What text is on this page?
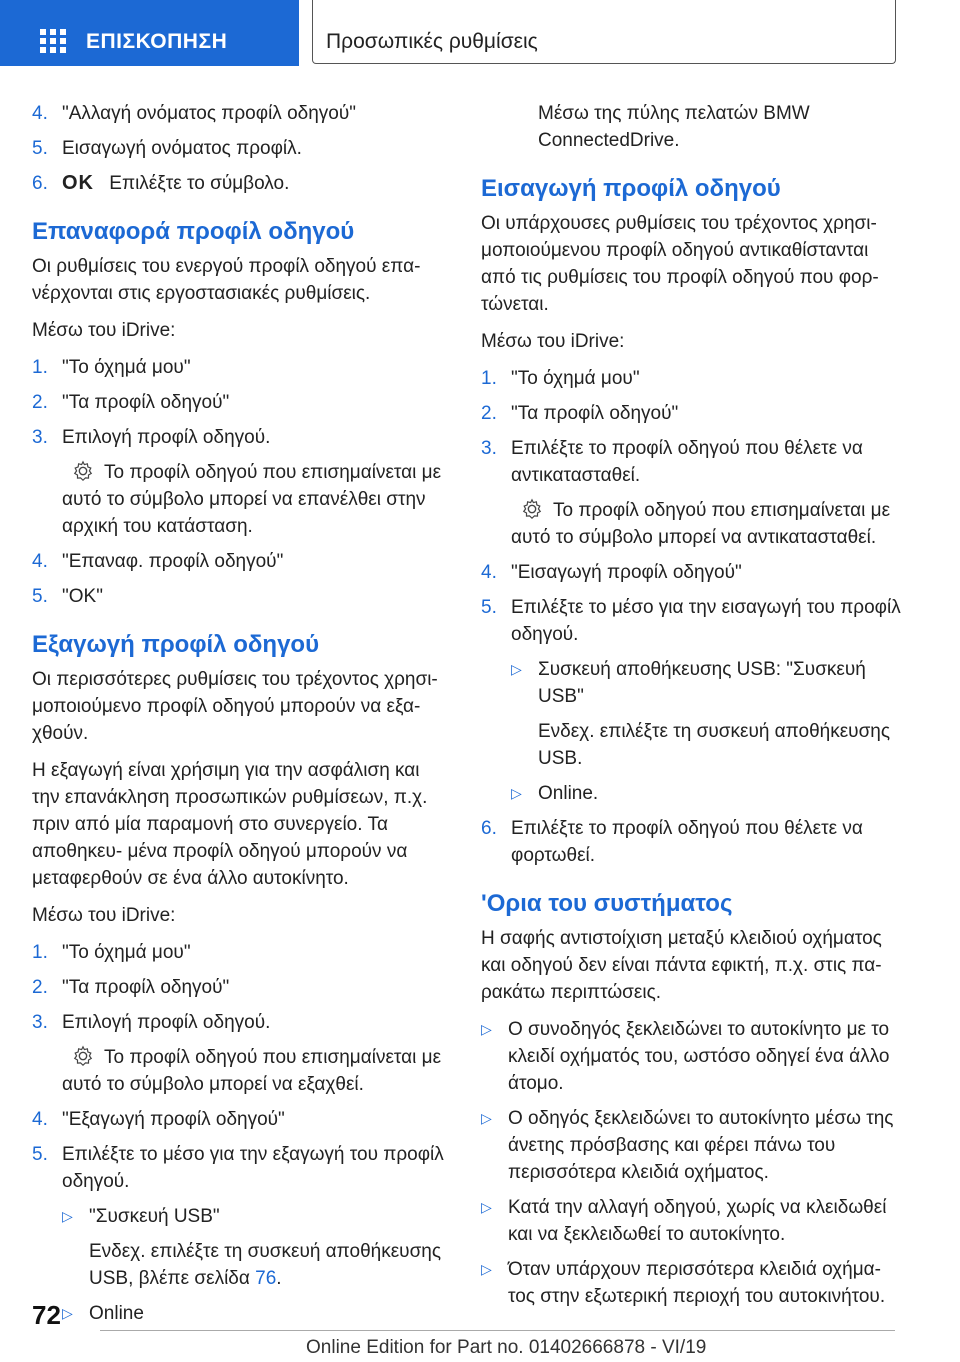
ΕΠΙΣΚΟΠΗΣΗ	Προσωπικές ρυθμίσεις
4. "Αλλαγή ονόματος προφίλ οδηγού"
5. Εισαγωγή ονόματος προφίλ.
6. OK Επιλέξτε το σύμβολο.
Επαναφορά προφίλ οδηγού

Οι ρυθμίσεις του ενεργού προφίλ οδηγού επα- νέρχονται στις εργοστασιακές ρυθμίσεις.

Μέσω του iDrive:

1. "Το όχημά μου"
2. "Τα προφίλ οδηγού"
3. Επιλογή προφίλ οδηγού.
Το προφίλ οδηγού που επισημαίνεται με αυτό το σύμβολο μπορεί να επανέλθει στην αρχική του κατάσταση.
4. "Επαναφ. προφίλ οδηγού"
5. "OK"
Εξαγωγή προφίλ οδηγού

Οι περισσότερες ρυθμίσεις του τρέχοντος χρησι- μοποιούμενο προφίλ οδηγού μπορούν να εξα- χθούν.

Η εξαγωγή είναι χρήσιμη για την ασφάλιση και την επανάκληση προσωπικών ρυθμίσεων, π.χ. πριν από μία παραμονή στο συνεργείο. Τα αποθηκευ- μένα προφίλ οδηγού μπορούν να μεταφερθούν σε ένα άλλο αυτοκίνητο.

Μέσω του iDrive:

1. "Το όχημά μου"
2. "Τα προφίλ οδηγού"
3. Επιλογή προφίλ οδηγού.
Το προφίλ οδηγού που επισημαίνεται με αυτό το σύμβολο μπορεί να εξαχθεί.
4. "Εξαγωγή προφίλ οδηγού"
5. Επιλέξτε το μέσο για την εξαγωγή του προφίλ οδηγού.
▷ "Συσκευή USB"
Ενδεχ. επιλέξτε τη συσκευή αποθήκευσης USB, βλέπε σελίδα 76.
▷ Online
Μέσω της πύλης πελατών BMW ConnectedDrive.
Εισαγωγή προφίλ οδηγού

Οι υπάρχουσες ρυθμίσεις του τρέχοντος χρησι- μοποιούμενου προφίλ οδηγού αντικαθίστανται από τις ρυθμίσεις του προφίλ οδηγού που φορ- τώνεται.

Μέσω του iDrive:

1. "Το όχημά μου"
2. "Τα προφίλ οδηγού"
3. Επιλέξτε το προφίλ οδηγού που θέλετε να αντικατασταθεί.
Το προφίλ οδηγού που επισημαίνεται με αυτό το σύμβολο μπορεί να αντικατασταθεί.
4. "Εισαγωγή προφίλ οδηγού"
5. Επιλέξτε το μέσο για την εισαγωγή του προφίλ οδηγού.
▷ Συσκευή αποθήκευσης USB: "Συσκευή USB"
Ενδεχ. επιλέξτε τη συσκευή αποθήκευσης USB.
▷ Online.
6. Επιλέξτε το προφίλ οδηγού που θέλετε να φορτωθεί.
'Ορια του συστήματος

Η σαφής αντιστοίχιση μεταξύ κλειδιού οχήματος και οδηγού δεν είναι πάντα εφικτή, π.χ. στις πα- ρακάτω περιπτώσεις.

▷ Ο συνοδηγός ξεκλειδώνει το αυτοκίνητο με το κλειδί οχήματός του, ωστόσο οδηγεί ένα άλλο άτομο.
▷ Ο οδηγός ξεκλειδώνει το αυτοκίνητο μέσω της άνετης πρόσβασης και φέρει πάνω του περισσότερα κλειδιά οχήματος.
▷ Κατά την αλλαγή οδηγού, χωρίς να κλειδωθεί και να ξεκλειδωθεί το αυτοκίνητο.
▷ Όταν υπάρχουν περισσότερα κλειδιά οχήμα- τος στην εξωτερική περιοχή του αυτοκινήτου.
72
Online Edition for Part no. 01402666878 - VI/19
